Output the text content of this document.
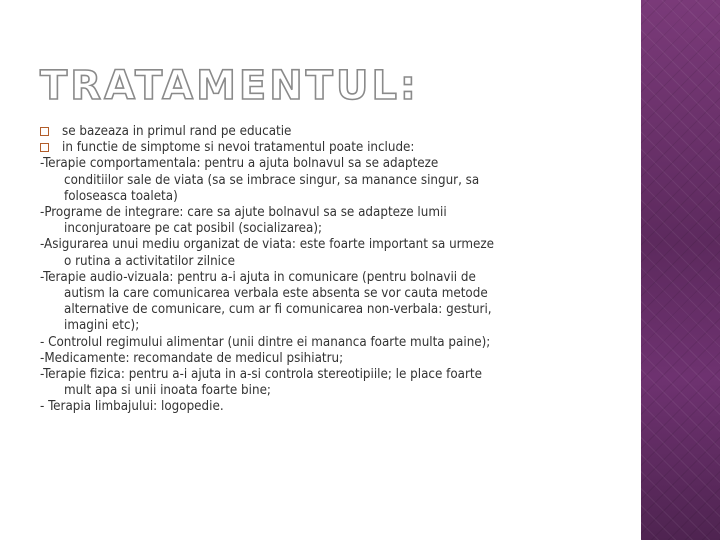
TRATAMENTUL:
se bazeaza in primul rand pe educatie
in functie de simptome si nevoi tratamentul poate include:
-Terapie comportamentala: pentru a ajuta bolnavul sa se adapteze
conditiilor sale de viata (sa se imbrace singur, sa manance singur, sa
foloseasca toaleta)
-Programe de integrare: care sa ajute bolnavul sa se adapteze lumii
inconjuratoare pe cat posibil (socializarea);
-Asigurarea unui mediu organizat de viata: este foarte important sa urmeze
o rutina a activitatilor zilnice
-Terapie audio-vizuala: pentru a-i ajuta in comunicare (pentru bolnavii de
autism la care comunicarea verbala este absenta se vor cauta metode
alternative de comunicare, cum ar fi comunicarea non-verbala: gesturi,
imagini etc);
- Controlul regimului alimentar (unii dintre ei mananca foarte multa paine);
-Medicamente: recomandate de medicul psihiatru;
-Terapie fizica: pentru a-i ajuta in a-si controla stereotipiile; le place foarte
mult apa si unii inoata foarte bine;
- Terapia limbajului: logopedie.
